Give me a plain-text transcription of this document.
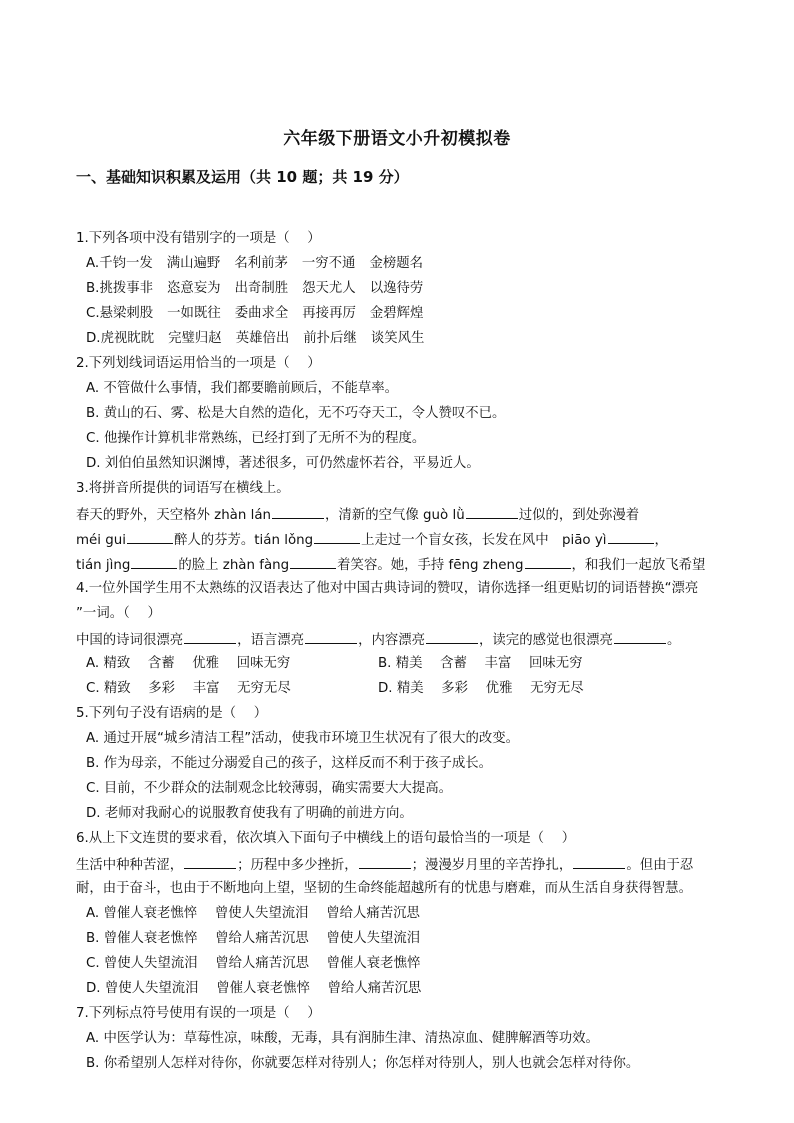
六年级下册语文小升初模拟卷
一、基础知识积累及运用（共 10 题；共 19 分）
1.下列各项中没有错别字的一项是（　 ）
A.千钧一发 满山遍野 名利前茅 一穷不通 金榜题名
B.挑拨事非 恣意妄为 出奇制胜 怨天尤人 以逸待劳
C.悬梁刺股 一如既往 委曲求全 再接再厉 金碧辉煌
D.虎视眈眈 完璧归赵 英雄倍出 前扑后继 谈笑风生
2.下列划线词语运用恰当的一项是（　 ）
A. 不管做什么事情，我们都要瞻前顾后，不能草率。
B. 黄山的石、雾、松是大自然的造化，无不巧夺天工，令人赞叹不已。
C. 他操作计算机非常熟练，已经打到了无所不为的程度。
D. 刘伯伯虽然知识渊博，著述很多，可仍然虚怀若谷，平易近人。
3.将拼音所提供的词语写在横线上。
春天的野外，天空格外 zhàn lán	，清新的空气像 guò lǜ	过似的，到处弥漫着
méi gui	醉人的芬芳。tián lǒng	上走过一个盲女孩，长发在风中　piāo yì	，
tián jìng	的脸上 zhàn fàng	着笑容。她，手持 fēng zheng	，和我们一起放飞希望
4.一位外国学生用不太熟练的汉语表达了他对中国古典诗词的赞叹，请你选择一组更贴切的词语替换“漂亮
”一词。（　 ）
中国的诗词很漂亮	，语言漂亮	，内容漂亮	，读完的感觉也很漂亮	。
A. 精致　 含蓄　 优雅　 回味无穷	B. 精美　 含蓄　 丰富　 回味无穷
C. 精致　 多彩　 丰富　 无穷无尽	D. 精美　 多彩　 优雅　 无穷无尽
5.下列句子没有语病的是（　 ）
A. 通过开展“城乡清洁工程”活动，使我市环境卫生状况有了很大的改变。
B. 作为母亲，不能过分溺爱自己的孩子，这样反而不利于孩子成长。
C. 目前，不少群众的法制观念比较薄弱，确实需要大大提高。
D. 老师对我耐心的说服教育使我有了明确的前进方向。
6.从上下文连贯的要求看，依次填入下面句子中横线上的语句最恰当的一项是（　 ）
生活中种种苦涩，	；历程中多少挫折，	；漫漫岁月里的辛苦挣扎，	。但由于忍
耐，由于奋斗，也由于不断地向上望，坚韧的生命终能超越所有的忧患与磨难，而从生活自身获得智慧。
A. 曾催人衰老憔悴　 曾使人失望流泪　 曾给人痛苦沉思
B. 曾催人衰老憔悴　 曾给人痛苦沉思　 曾使人失望流泪
C. 曾使人失望流泪　 曾给人痛苦沉思　 曾催人衰老憔悴
D. 曾使人失望流泪　 曾催人衰老憔悴　 曾给人痛苦沉思
7.下列标点符号使用有误的一项是（　 ）
A. 中医学认为：草莓性凉，味酸，无毒，具有润肺生津、清热凉血、健脾解酒等功效。
B. 你希望别人怎样对待你，你就要怎样对待别人；你怎样对待别人，别人也就会怎样对待你。
